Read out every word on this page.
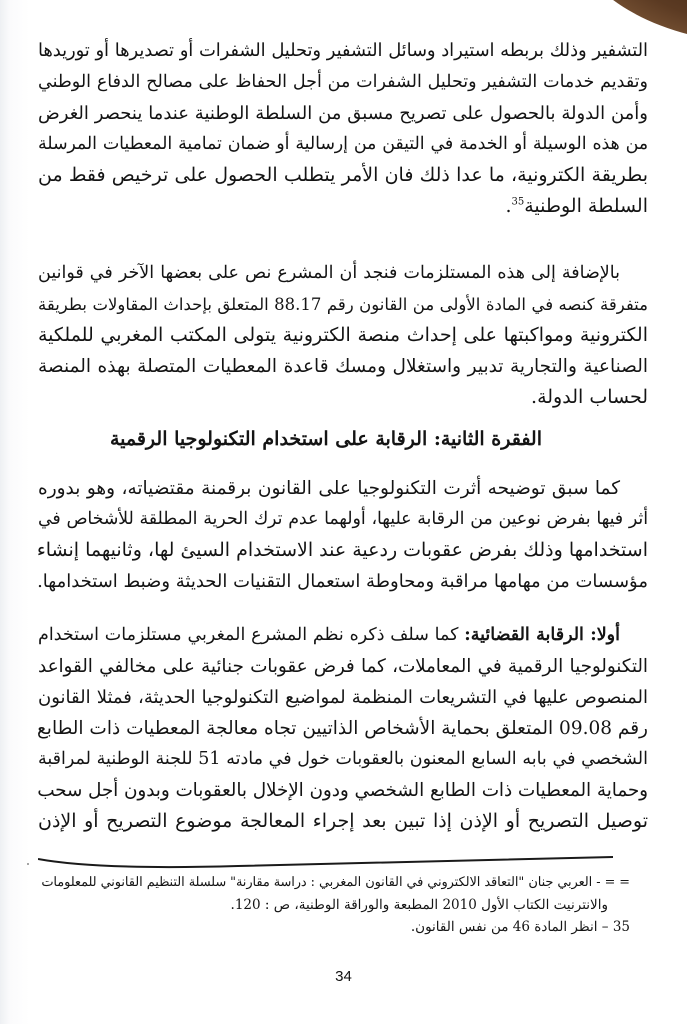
التشفير وذلك بربطه استيراد وسائل التشفير وتحليل الشفرات أو تصديرها أو توريدها
وتقديم خدمات التشفير وتحليل الشفرات من أجل الحفاظ على مصالح الدفاع الوطني
وأمن الدولة بالحصول على تصريح مسبق من السلطة الوطنية عندما ينحصر الغرض
من هذه الوسيلة أو الخدمة في التيقن من إرسالية أو ضمان تمامية المعطيات المرسلة
بطريقة الكترونية، ما عدا ذلك فان الأمر يتطلب الحصول على ترخيص فقط من
السلطة الوطنية$^{35}$.

بالإضافة إلى هذه المستلزمات فنجد أن المشرع نص على بعضها الآخر في قوانين
متفرقة كنصه في المادة الأولى من القانون رقم 88.17 المتعلق بإحداث المقاولات بطريقة
الكترونية ومواكبتها على إحداث منصة الكترونية يتولى المكتب المغربي للملكية
الصناعية والتجارية تدبير واستغلال ومسك قاعدة المعطيات المتصلة بهذه المنصة
لحساب الدولة.

الفقرة الثانية: الرقابة على استخدام التكنولوجيا الرقمية

كما سبق توضيحه أثرت التكنولوجيا على القانون برقمنة مقتضياته، وهو بدوره
أثر فيها بفرض نوعين من الرقابة عليها، أولهما عدم ترك الحرية المطلقة للأشخاص في
استخدامها وذلك بفرض عقوبات ردعية عند الاستخدام السيئ لها، وثانيهما إنشاء
مؤسسات من مهامها مراقبة ومحاوطة استعمال التقنيات الحديثة وضبط استخدامها.

أولا: الرقابة القضائية: كما سلف ذكره نظم المشرع المغربي مستلزمات استخدام
التكنولوجيا الرقمية في المعاملات، كما فرض عقوبات جنائية على مخالفي القواعد
المنصوص عليها في التشريعات المنظمة لمواضيع التكنولوجيا الحديثة، فمثلا القانون
رقم 09.08 المتعلق بحماية الأشخاص الذاتيين تجاه معالجة المعطيات ذات الطابع
الشخصي في بابه السابع المعنون بالعقوبات خول في مادته 51 للجنة الوطنية لمراقبة
وحماية المعطيات ذات الطابع الشخصي ودون الإخلال بالعقوبات وبدون أجل سحب
توصيل التصريح أو الإذن إذا تبين بعد إجراء المعالجة موضوع التصريح أو الإذن

= = - العربي جنان "التعاقد الالكتروني في القانون المغربي : دراسة مقارنة" سلسلة التنظيم القانوني للمعلومات
والانترنيت الكتاب الأول 2010 المطبعة والوراقة الوطنية، ص : 120.
35 – انظر المادة 46 من نفس القانون.
34
